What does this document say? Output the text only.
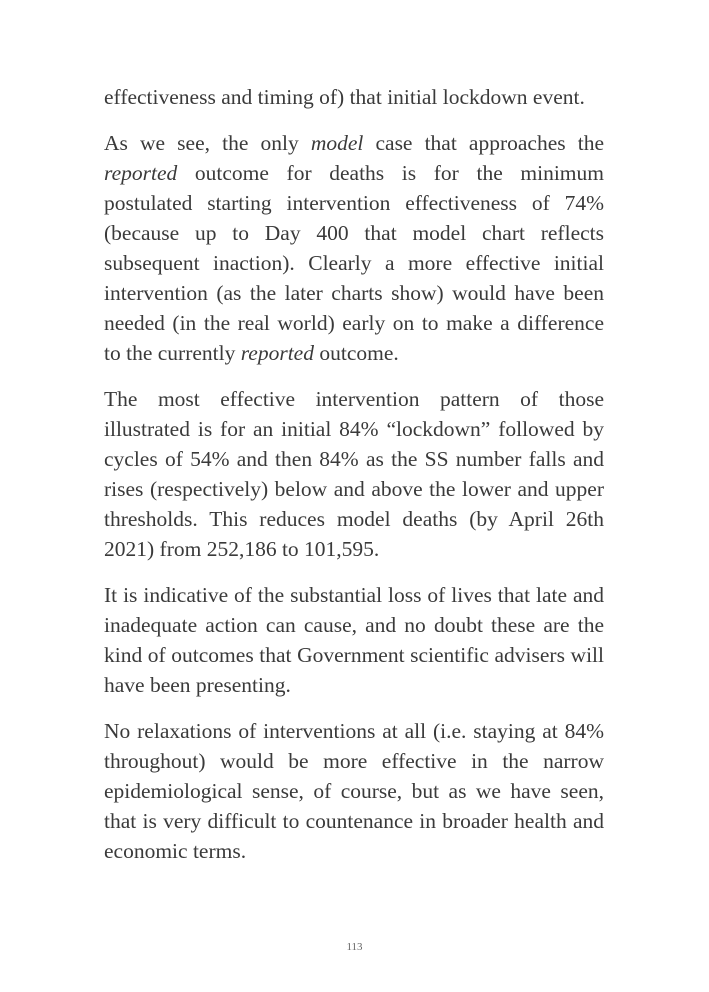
effectiveness and timing of) that initial lockdown event.

As we see, the only model case that approaches the reported outcome for deaths is for the minimum postulated starting intervention effectiveness of 74% (because up to Day 400 that model chart reflects subsequent inaction). Clearly a more effective initial intervention (as the later charts show) would have been needed (in the real world) early on to make a difference to the currently reported outcome.

The most effective intervention pattern of those illustrated is for an initial 84% “lockdown” followed by cycles of 54% and then 84% as the SS number falls and rises (respectively) below and above the lower and upper thresholds. This reduces model deaths (by April 26th 2021) from 252,186 to 101,595.

It is indicative of the substantial loss of lives that late and inadequate action can cause, and no doubt these are the kind of outcomes that Government scientific advisers will have been presenting.

No relaxations of interventions at all (i.e. staying at 84% throughout) would be more effective in the narrow epidemiological sense, of course, but as we have seen, that is very difficult to countenance in broader health and economic terms.

113
